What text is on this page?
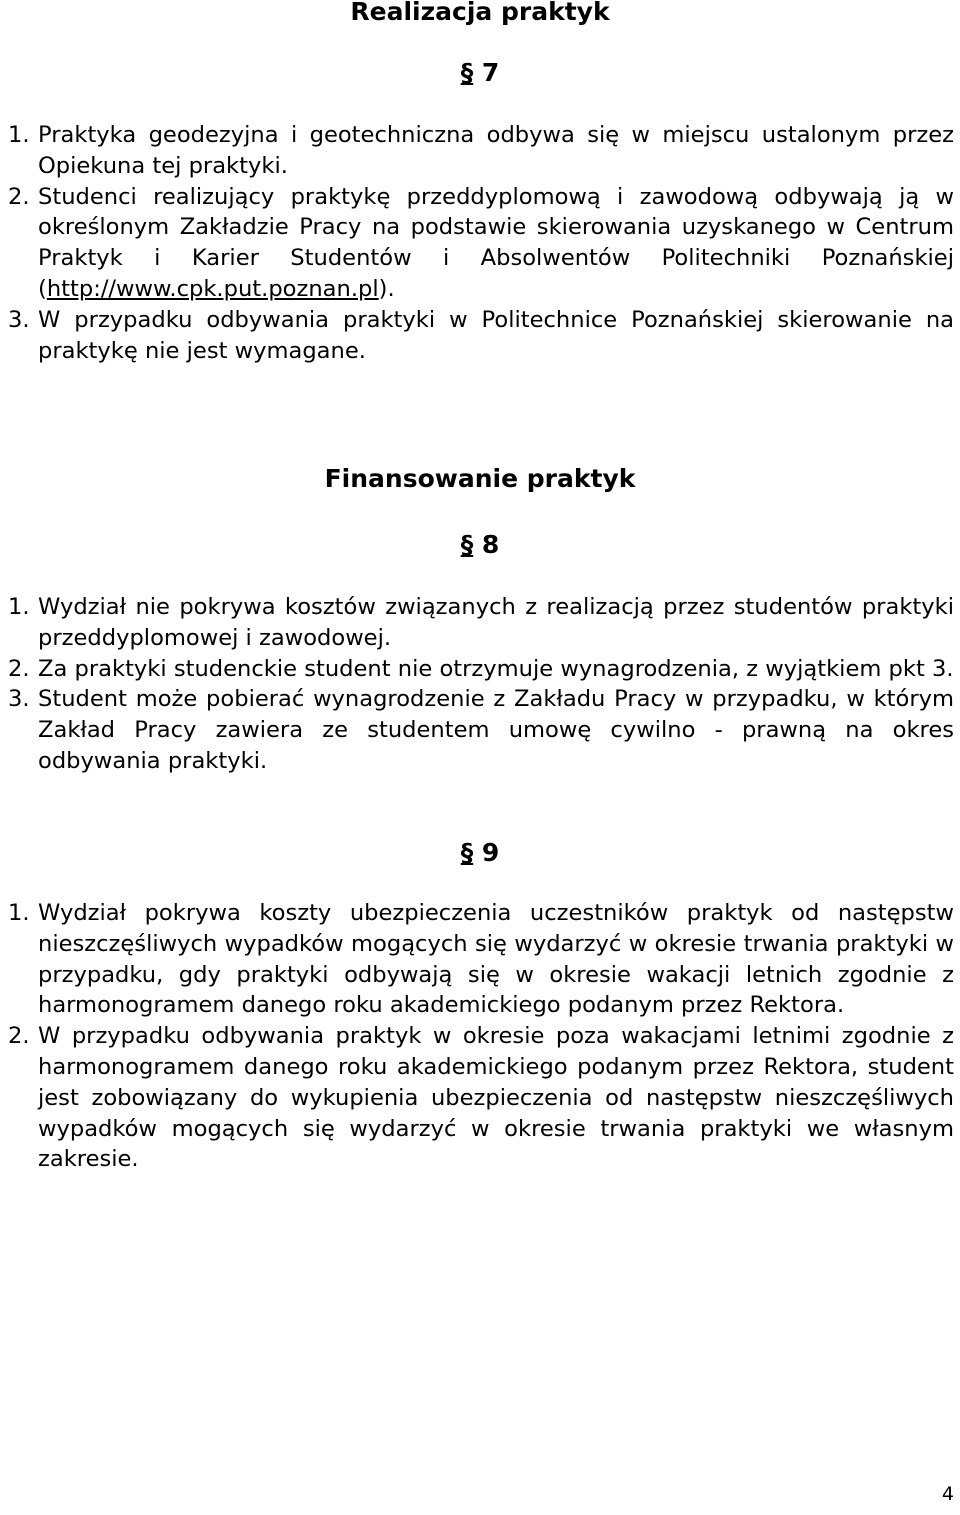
Realizacja praktyk
§ 7
1. Praktyka geodezyjna i geotechniczna odbywa się w miejscu ustalonym przez Opiekuna tej praktyki.
2. Studenci realizujący praktykę przeddyplomową i zawodową odbywają ją w określonym Zakładzie Pracy na podstawie skierowania uzyskanego w Centrum Praktyk i Karier Studentów i Absolwentów Politechniki Poznańskiej (http://www.cpk.put.poznan.pl).
3. W przypadku odbywania praktyki w Politechnice Poznańskiej skierowanie na praktykę nie jest wymagane.
Finansowanie praktyk
§ 8
1. Wydział nie pokrywa kosztów związanych z realizacją przez studentów praktyki przeddyplomowej i zawodowej.
2. Za praktyki studenckie student nie otrzymuje wynagrodzenia, z wyjątkiem pkt 3.
3. Student może pobierać wynagrodzenie z Zakładu Pracy w przypadku, w którym Zakład Pracy zawiera ze studentem umowę cywilno - prawną na okres odbywania praktyki.
§ 9
1. Wydział pokrywa koszty ubezpieczenia uczestników praktyk od następstw nieszczęśliwych wypadków mogących się wydarzyć w okresie trwania praktyki w przypadku, gdy praktyki odbywają się w okresie wakacji letnich zgodnie z harmonogramem danego roku akademickiego podanym przez Rektora.
2. W przypadku odbywania praktyk w okresie poza wakacjami letnimi zgodnie z harmonogramem danego roku akademickiego podanym przez Rektora, student jest zobowiązany do wykupienia ubezpieczenia od następstw nieszczęśliwych wypadków mogących się wydarzyć w okresie trwania praktyki we własnym zakresie.
4
